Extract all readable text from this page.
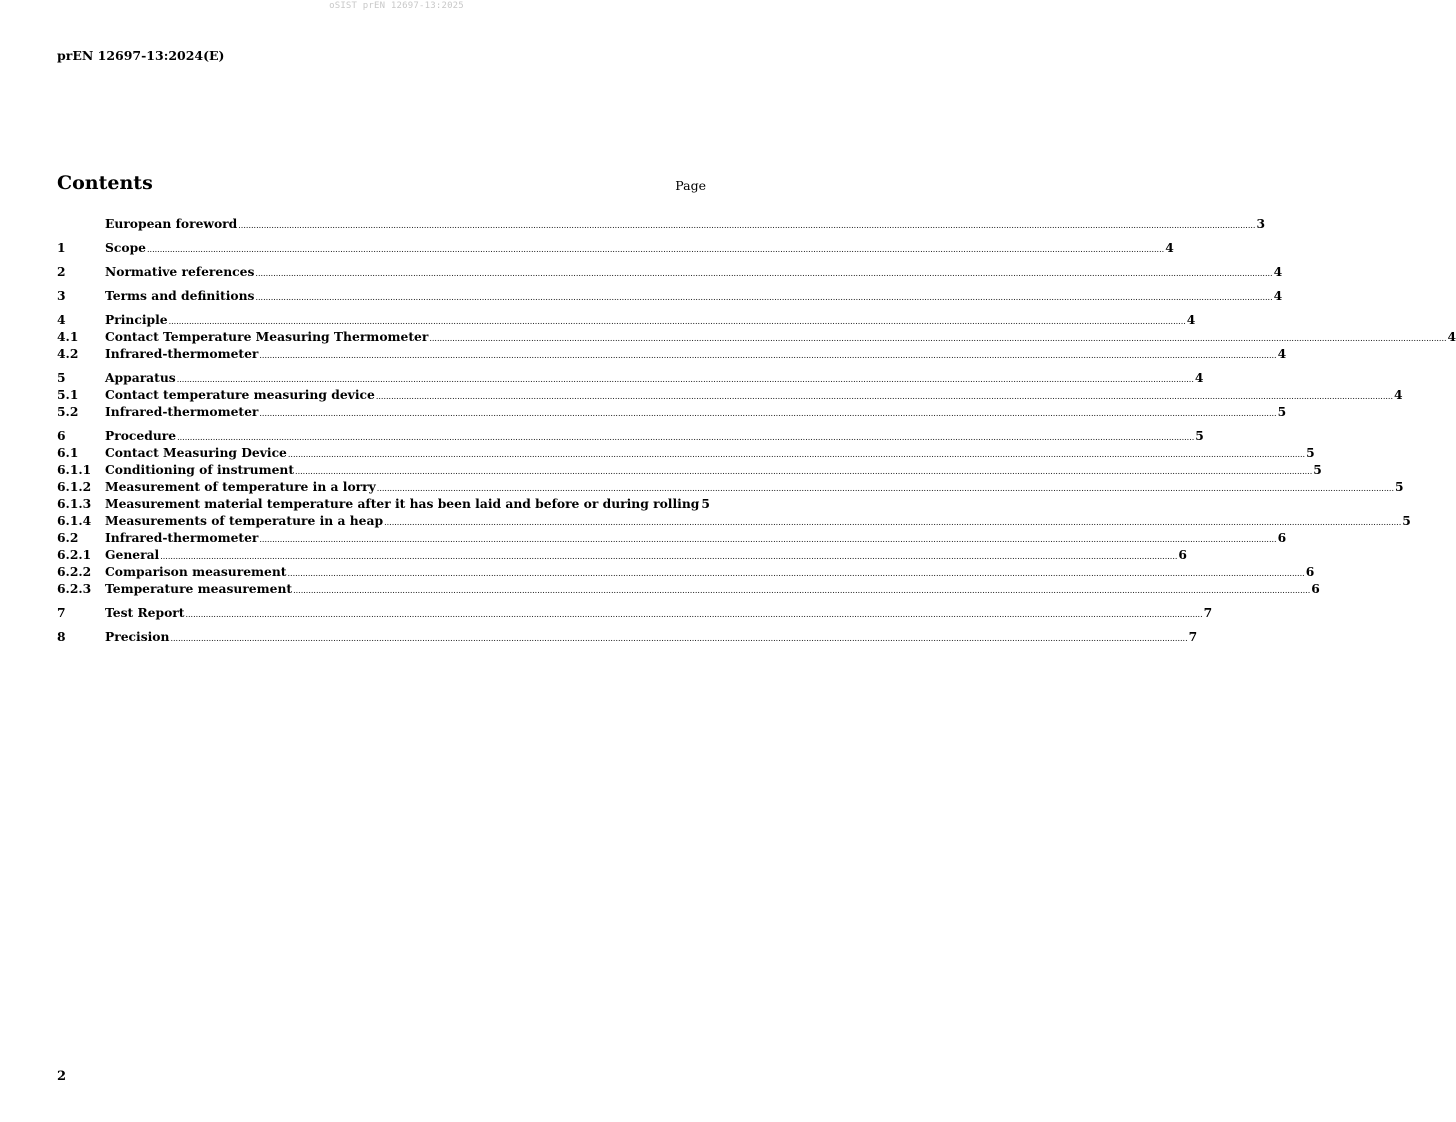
oSIST prEN 12697-13:2025
prEN 12697-13:2024(E)
Contents	Page
European foreword ................................................................................................................................................................................................................................................................................................................................................................................................................ 3
1	Scope ................................................................................................................................................................................................................................................................................................................................................................................................................ 4
2	Normative references ................................................................................................................................................................................................................................................................................................................................................................................................................ 4
3	Terms and definitions ................................................................................................................................................................................................................................................................................................................................................................................................................ 4
4	Principle ................................................................................................................................................................................................................................................................................................................................................................................................................ 4
4.1	Contact Temperature Measuring Thermometer ................................................................................................................................................................................................................................................................................................................................................................................................................ 4
4.2	Infrared-thermometer ................................................................................................................................................................................................................................................................................................................................................................................................................ 4
5	Apparatus ................................................................................................................................................................................................................................................................................................................................................................................................................ 4
5.1	Contact temperature measuring device ................................................................................................................................................................................................................................................................................................................................................................................................................ 4
5.2	Infrared-thermometer ................................................................................................................................................................................................................................................................................................................................................................................................................ 5
6	Procedure ................................................................................................................................................................................................................................................................................................................................................................................................................ 5
6.1	Contact Measuring Device ................................................................................................................................................................................................................................................................................................................................................................................................................ 5
6.1.1	Conditioning of instrument ................................................................................................................................................................................................................................................................................................................................................................................................................ 5
6.1.2	Measurement of temperature in a lorry ................................................................................................................................................................................................................................................................................................................................................................................................................ 5
6.1.3	Measurement material temperature after it has been laid and before or during rolling 5
6.1.4	Measurements of temperature in a heap ................................................................................................................................................................................................................................................................................................................................................................................................................ 5
6.2	Infrared-thermometer ................................................................................................................................................................................................................................................................................................................................................................................................................ 6
6.2.1	General ................................................................................................................................................................................................................................................................................................................................................................................................................ 6
6.2.2	Comparison measurement ................................................................................................................................................................................................................................................................................................................................................................................................................ 6
6.2.3	Temperature measurement ................................................................................................................................................................................................................................................................................................................................................................................................................ 6
7	Test Report ................................................................................................................................................................................................................................................................................................................................................................................................................ 7
8	Precision ................................................................................................................................................................................................................................................................................................................................................................................................................ 7
2
